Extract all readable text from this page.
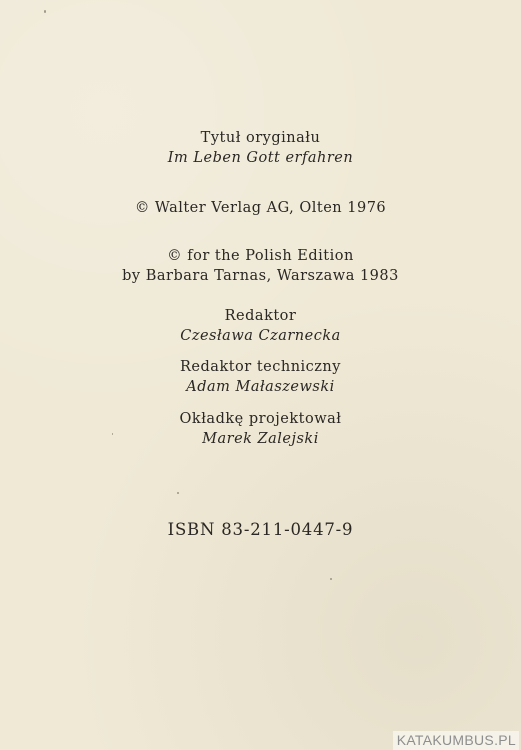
Tytuł oryginału
Im Leben Gott erfahren
© Walter Verlag AG, Olten 1976
© for the Polish Edition
by Barbara Tarnas, Warszawa 1983
Redaktor
Czesława Czarnecka
Redaktor techniczny
Adam Małaszewski
Okładkę projektował
Marek Zalejski
ISBN 83-211-0447-9
KATAKUMBUS.PL
